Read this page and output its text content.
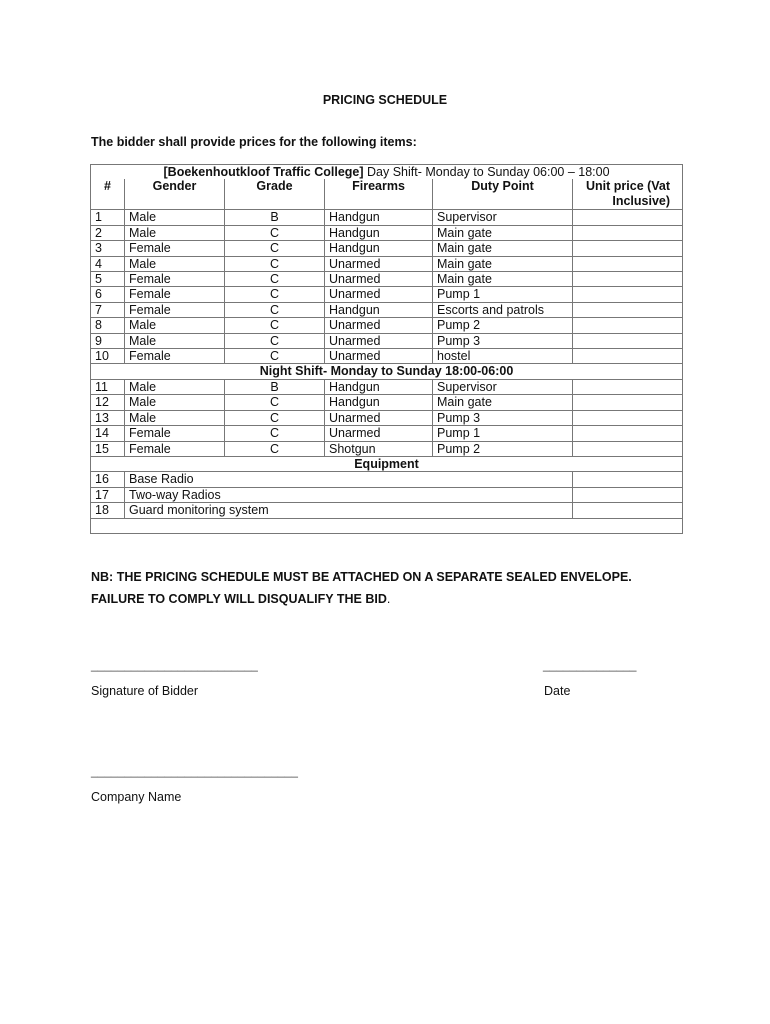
PRICING SCHEDULE
The bidder shall provide prices for the following items:
[Boekenhoutkloof Traffic College] Day Shift- Monday to Sunday 06:00 – 18:00					
#	Gender	Grade	Firearms	Duty Point	Unit price (Vat Inclusive)
1	Male	B	Handgun	Supervisor	
2	Male	C	Handgun	Main gate	
3	Female	C	Handgun	Main gate	
4	Male	C	Unarmed	Main gate	
5	Female	C	Unarmed	Main gate	
6	Female	C	Unarmed	Pump 1	
7	Female	C	Handgun	Escorts and patrols	
8	Male	C	Unarmed	Pump 2	
9	Male	C	Unarmed	Pump 3	
10	Female	C	Unarmed	hostel	
Night Shift- Monday to Sunday 18:00-06:00					
11	Male	B	Handgun	Supervisor	
12	Male	C	Handgun	Main gate	
13	Male	C	Unarmed	Pump 3	
14	Female	C	Unarmed	Pump 1	
15	Female	C	Shotgun	Pump 2	
Equipment					
16	Base Radio				
17	Two-way Radios				
18	Guard monitoring system				

NB: THE PRICING SCHEDULE MUST BE ATTACHED ON A SEPARATE SEALED ENVELOPE.
FAILURE TO COMPLY WILL DISQUALIFY THE BID.
_________________________
Signature of Bidder
______________
Date
_______________________________
Company Name
